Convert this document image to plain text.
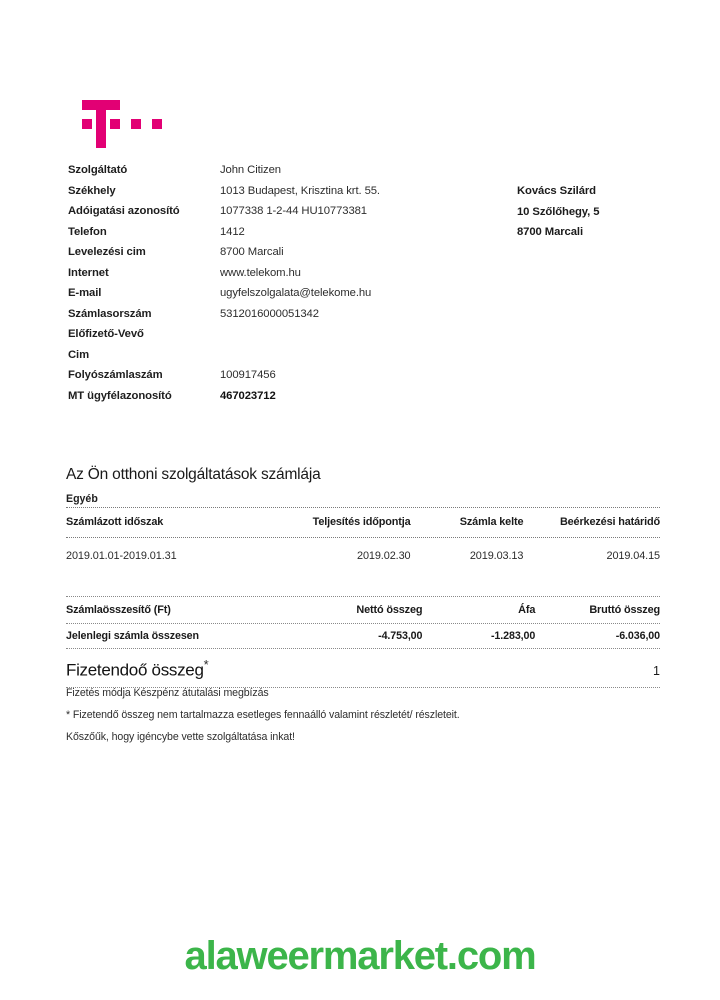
Szolgáltató	John Citizen
Székhely	1013 Budapest, Krisztina krt. 55.
Adóigatási azonosító	1077338 1-2-44 HU10773381
Telefon	1412
Levelezési cim	8700 Marcali
Internet	www.telekom.hu
E-mail	ugyfelszolgalata@telekome.hu
Számlasorszám	5312016000051342
Előfizető-Vevő
Cim
Folyószámlaszám	100917456
MT ügyfélazonosító	467023712
Kovács Szilárd
10 Szőlőhegy, 5
8700 Marcali
Az Ön otthoni szolgáltatások számlája
Egyéb
Számlázott időszak	Teljesítés időpontja	Számla kelte	Beérkezési határidő

2019.01.01-2019.01.31	2019.02.30	2019.03.13	2019.04.15

Számlaösszesítő (Ft)	Nettó összeg	Áfa	Bruttó összeg

Jelenlegi számla összesen	-4.753,00	-1.283,00	-6.036,00

Fizetendoő összeg*			1

Fizetés módja Készpénz átutalási megbízás
* Fizetendő összeg nem tartalmazza esetleges fennaálló valamint részletét/ részleteit.
Kőszőűk, hogy igéncybe vette szolgáltatása inkat!
alaweermarket.com
